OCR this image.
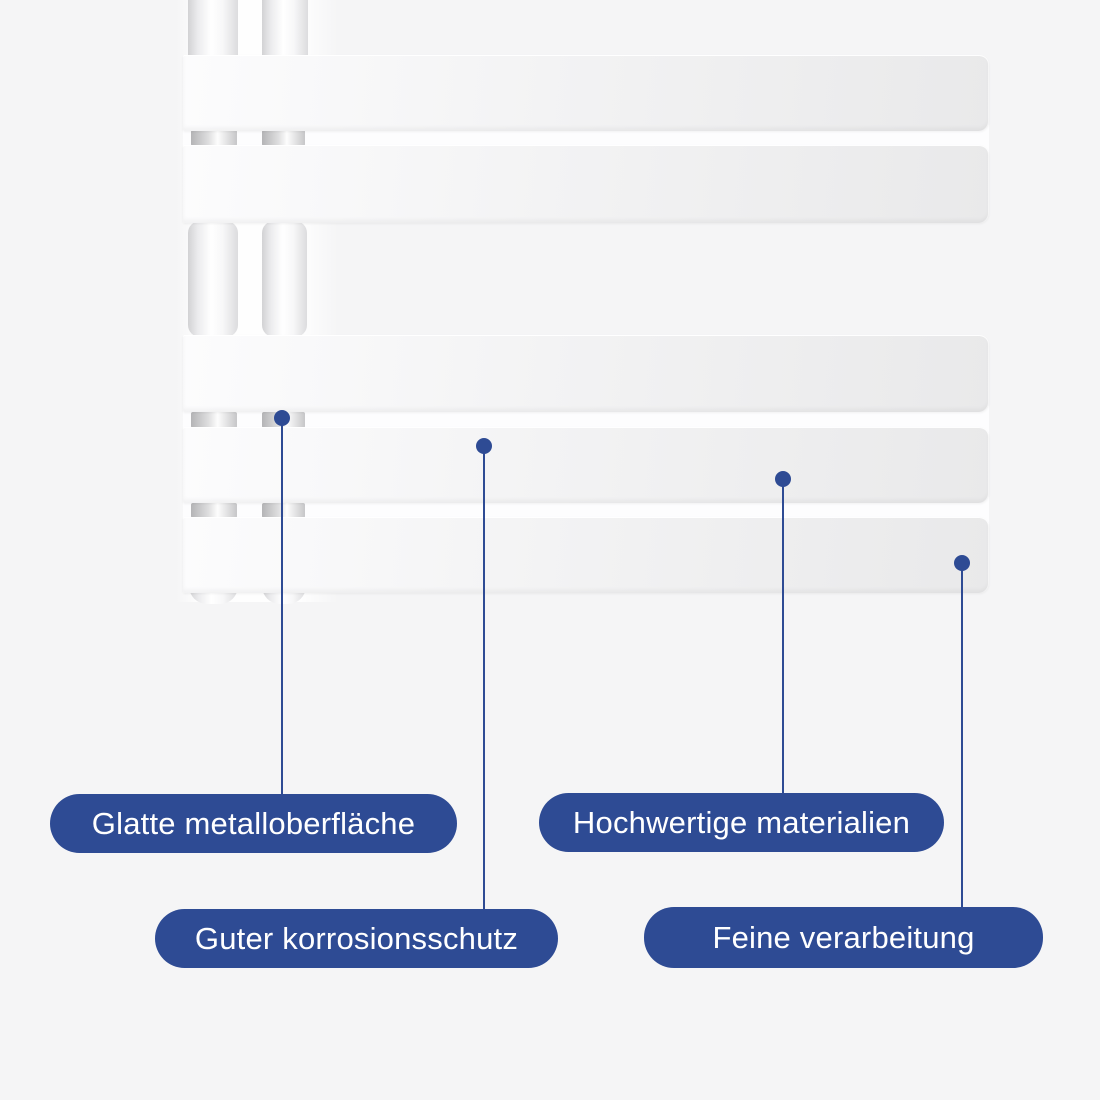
Glatte metalloberfläche
Guter korrosionsschutz
Hochwertige materialien
Feine verarbeitung
